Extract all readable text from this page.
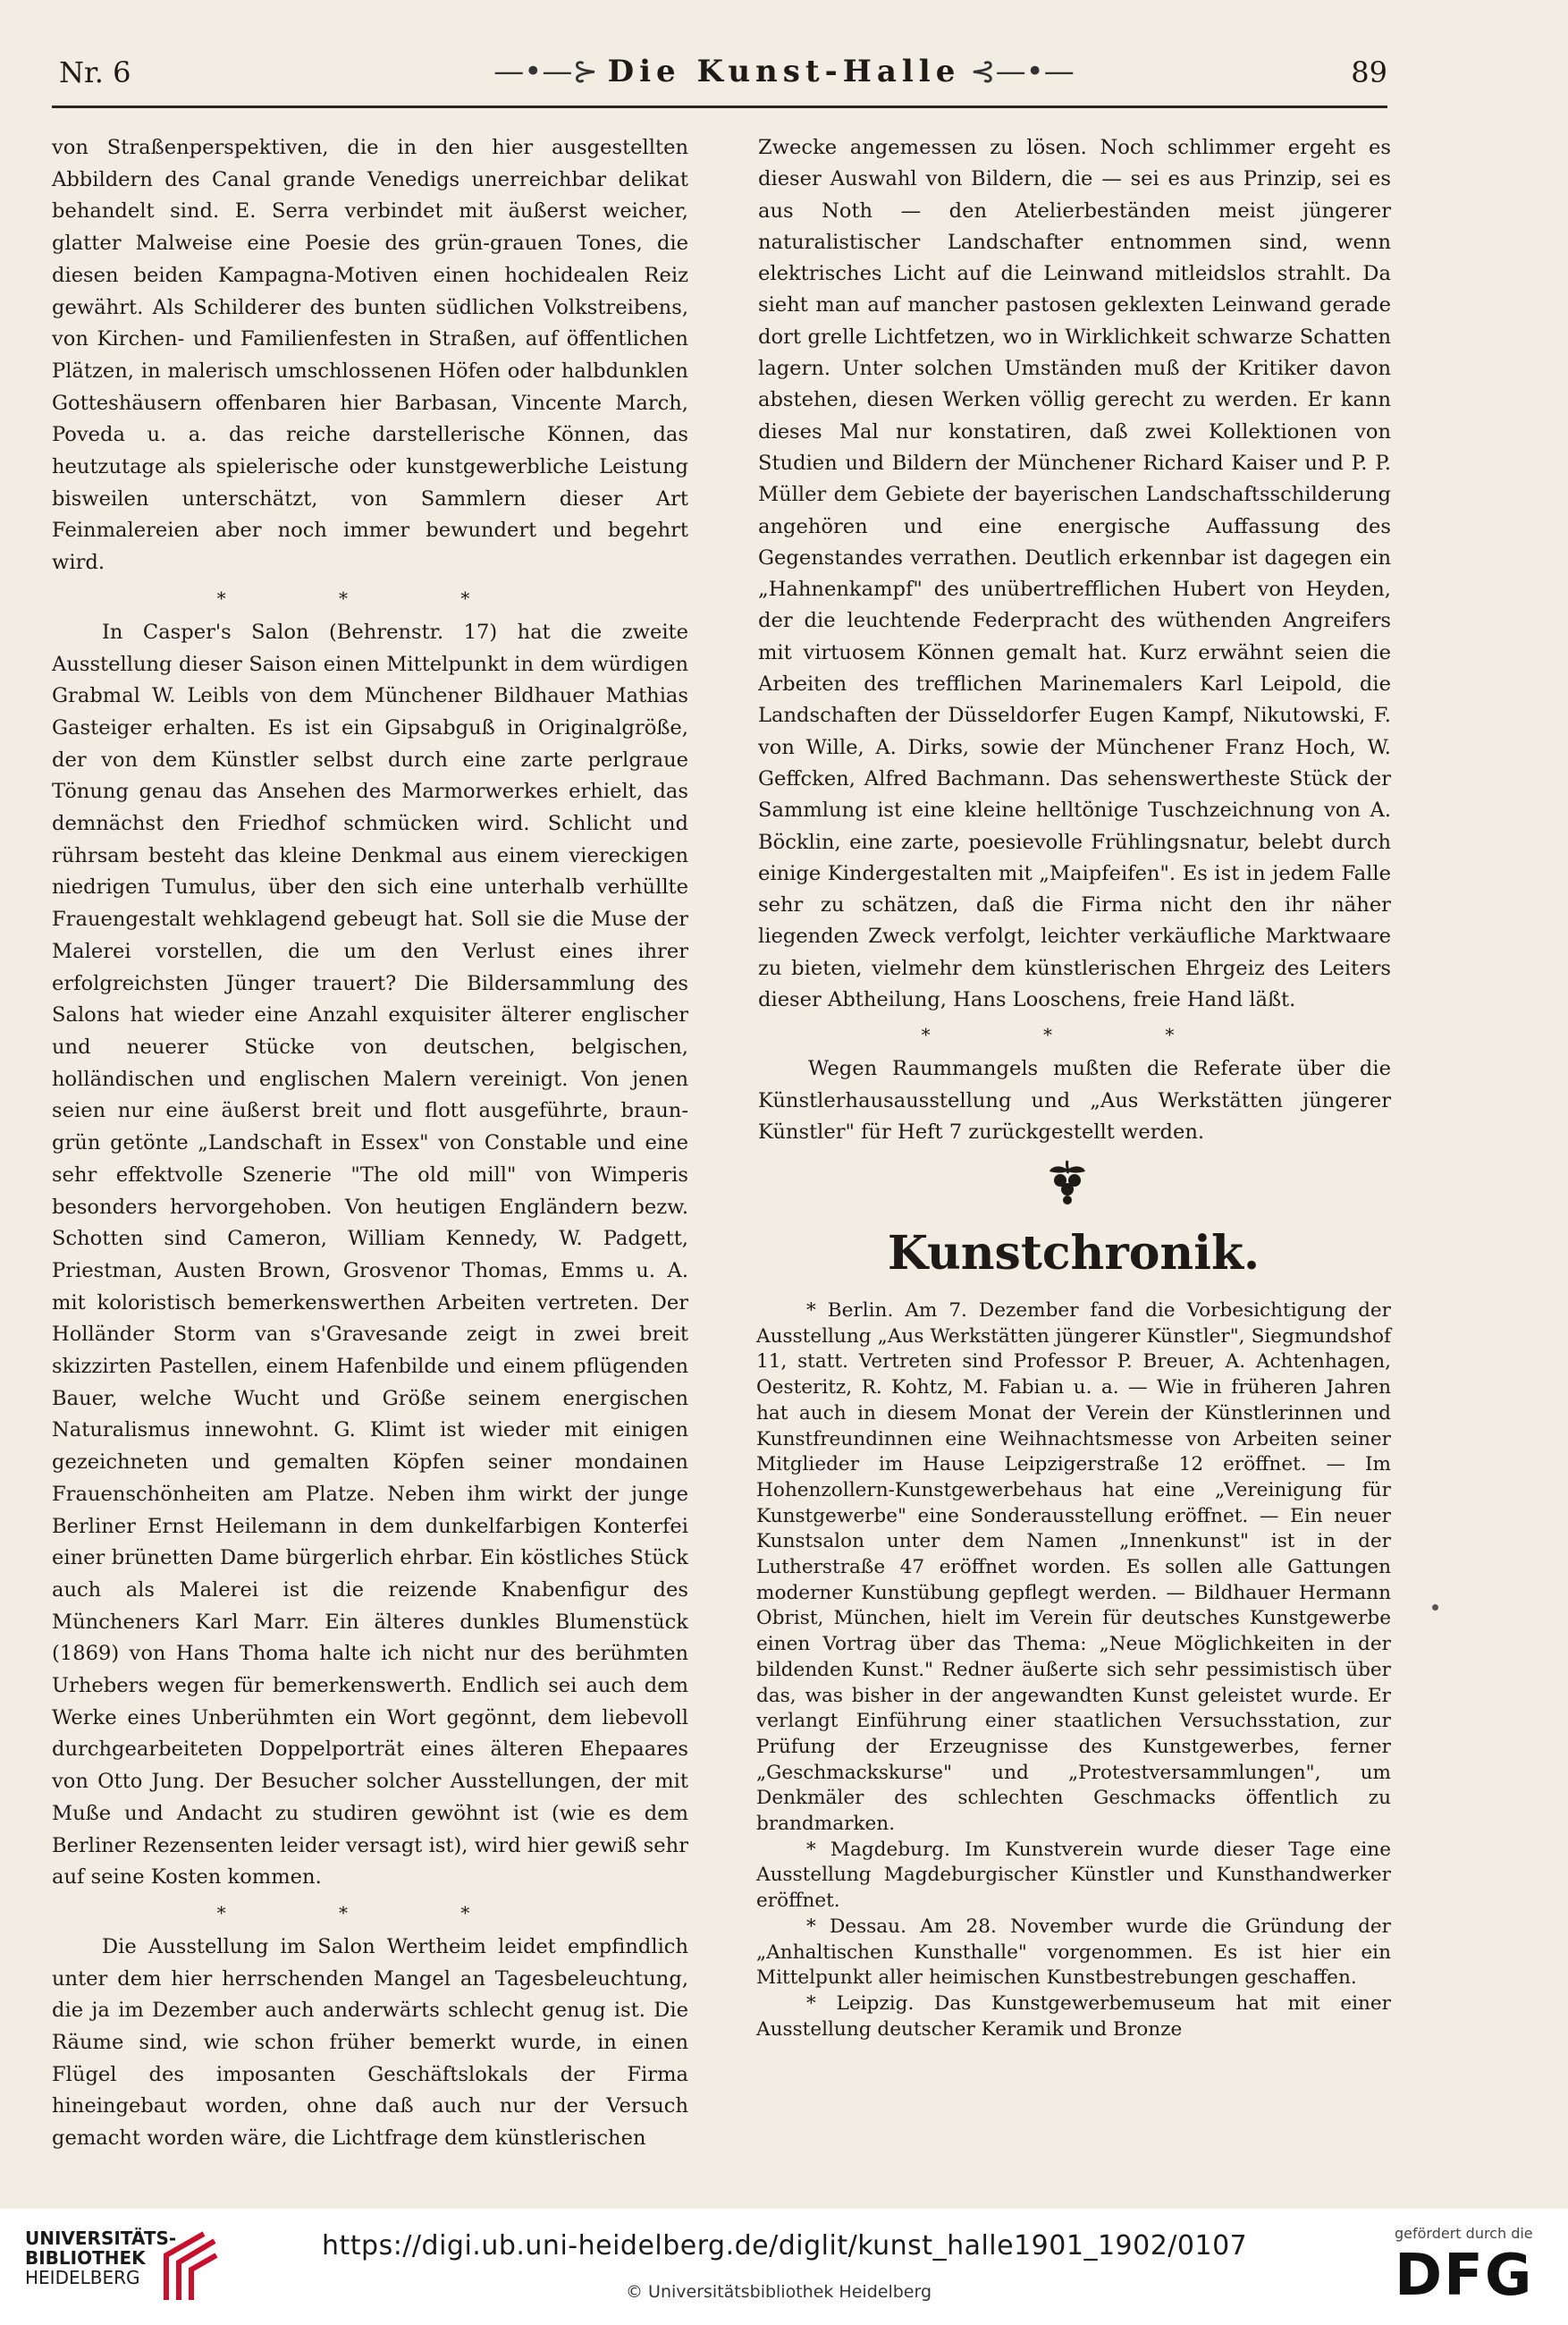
Nr. 6	—•—⊱ Die Kunst-Halle ⊰—•—	89

von Straßenperspektiven, die in den hier ausgestellten Abbildern des Canal grande Venedigs unerreichbar delikat behandelt sind. E. Serra verbindet mit äußerst weicher, glatter Malweise eine Poesie des grün-grauen Tones, die diesen beiden Kampagna-Motiven einen hochidealen Reiz gewährt. Als Schilderer des bunten südlichen Volkstreibens, von Kirchen- und Familienfesten in Straßen, auf öffentlichen Plätzen, in malerisch umschlossenen Höfen oder halbdunklen Gotteshäusern offenbaren hier Barbasan, Vincente March, Poveda u. a. das reiche darstellerische Können, das heutzutage als spielerische oder kunstgewerbliche Leistung bisweilen unterschätzt, von Sammlern dieser Art Feinmalereien aber noch immer bewundert und begehrt wird.

* * *

In Casper's Salon (Behrenstr. 17) hat die zweite Ausstellung dieser Saison einen Mittelpunkt in dem würdigen Grabmal W. Leibls von dem Münchener Bildhauer Mathias Gasteiger erhalten. Es ist ein Gipsabguß in Originalgröße, der von dem Künstler selbst durch eine zarte perlgraue Tönung genau das Ansehen des Marmorwerkes erhielt, das demnächst den Friedhof schmücken wird. Schlicht und rührsam besteht das kleine Denkmal aus einem viereckigen niedrigen Tumulus, über den sich eine unterhalb verhüllte Frauengestalt wehklagend gebeugt hat. Soll sie die Muse der Malerei vorstellen, die um den Verlust eines ihrer erfolgreichsten Jünger trauert? Die Bildersammlung des Salons hat wieder eine Anzahl exquisiter älterer englischer und neuerer Stücke von deutschen, belgischen, holländischen und englischen Malern vereinigt. Von jenen seien nur eine äußerst breit und flott ausgeführte, braun-grün getönte „Landschaft in Essex" von Constable und eine sehr effektvolle Szenerie "The old mill" von Wimperis besonders hervorgehoben. Von heutigen Engländern bezw. Schotten sind Cameron, William Kennedy, W. Padgett, Priestman, Austen Brown, Grosvenor Thomas, Emms u. A. mit koloristisch bemerkenswerthen Arbeiten vertreten. Der Holländer Storm van s'Gravesande zeigt in zwei breit skizzirten Pastellen, einem Hafenbilde und einem pflügenden Bauer, welche Wucht und Größe seinem energischen Naturalismus innewohnt. G. Klimt ist wieder mit einigen gezeichneten und gemalten Köpfen seiner mondainen Frauenschönheiten am Platze. Neben ihm wirkt der junge Berliner Ernst Heilemann in dem dunkelfarbigen Konterfei einer brünetten Dame bürgerlich ehrbar. Ein köstliches Stück auch als Malerei ist die reizende Knabenfigur des Müncheners Karl Marr. Ein älteres dunkles Blumenstück (1869) von Hans Thoma halte ich nicht nur des berühmten Urhebers wegen für bemerkenswerth. Endlich sei auch dem Werke eines Unberühmten ein Wort gegönnt, dem liebevoll durchgearbeiteten Doppelporträt eines älteren Ehepaares von Otto Jung. Der Besucher solcher Ausstellungen, der mit Muße und Andacht zu studiren gewöhnt ist (wie es dem Berliner Rezensenten leider versagt ist), wird hier gewiß sehr auf seine Kosten kommen.

* * *

Die Ausstellung im Salon Wertheim leidet empfindlich unter dem hier herrschenden Mangel an Tagesbeleuchtung, die ja im Dezember auch anderwärts schlecht genug ist. Die Räume sind, wie schon früher bemerkt wurde, in einen Flügel des imposanten Geschäftslokals der Firma hineingebaut worden, ohne daß auch nur der Versuch gemacht worden wäre, die Lichtfrage dem künstlerischen

Zwecke angemessen zu lösen. Noch schlimmer ergeht es dieser Auswahl von Bildern, die — sei es aus Prinzip, sei es aus Noth — den Atelierbeständen meist jüngerer naturalistischer Landschafter entnommen sind, wenn elektrisches Licht auf die Leinwand mitleidslos strahlt. Da sieht man auf mancher pastosen geklexten Leinwand gerade dort grelle Lichtfetzen, wo in Wirklichkeit schwarze Schatten lagern. Unter solchen Umständen muß der Kritiker davon abstehen, diesen Werken völlig gerecht zu werden. Er kann dieses Mal nur konstatiren, daß zwei Kollektionen von Studien und Bildern der Münchener Richard Kaiser und P. P. Müller dem Gebiete der bayerischen Landschaftsschilderung angehören und eine energische Auffassung des Gegenstandes verrathen. Deutlich erkennbar ist dagegen ein „Hahnenkampf" des unübertrefflichen Hubert von Heyden, der die leuchtende Federpracht des wüthenden Angreifers mit virtuosem Können gemalt hat. Kurz erwähnt seien die Arbeiten des trefflichen Marinemalers Karl Leipold, die Landschaften der Düsseldorfer Eugen Kampf, Nikutowski, F. von Wille, A. Dirks, sowie der Münchener Franz Hoch, W. Geffcken, Alfred Bachmann. Das sehenswertheste Stück der Sammlung ist eine kleine helltönige Tuschzeichnung von A. Böcklin, eine zarte, poesievolle Frühlingsnatur, belebt durch einige Kindergestalten mit „Maipfeifen". Es ist in jedem Falle sehr zu schätzen, daß die Firma nicht den ihr näher liegenden Zweck verfolgt, leichter verkäufliche Marktwaare zu bieten, vielmehr dem künstlerischen Ehrgeiz des Leiters dieser Abtheilung, Hans Looschens, freie Hand läßt.

* * *

Wegen Raummangels mußten die Referate über die Künstlerhausausstellung und „Aus Werkstätten jüngerer Künstler" für Heft 7 zurückgestellt werden.

Kunstchronik.

* Berlin. Am 7. Dezember fand die Vorbesichtigung der Ausstellung „Aus Werkstätten jüngerer Künstler", Siegmundshof 11, statt. Vertreten sind Professor P. Breuer, A. Achtenhagen, Oesteritz, R. Kohtz, M. Fabian u. a. — Wie in früheren Jahren hat auch in diesem Monat der Verein der Künstlerinnen und Kunstfreundinnen eine Weihnachtsmesse von Arbeiten seiner Mitglieder im Hause Leipzigerstraße 12 eröffnet. — Im Hohenzollern-Kunstgewerbehaus hat eine „Vereinigung für Kunstgewerbe" eine Sonderausstellung eröffnet. — Ein neuer Kunstsalon unter dem Namen „Innenkunst" ist in der Lutherstraße 47 eröffnet worden. Es sollen alle Gattungen moderner Kunstübung gepflegt werden. — Bildhauer Hermann Obrist, München, hielt im Verein für deutsches Kunstgewerbe einen Vortrag über das Thema: „Neue Möglichkeiten in der bildenden Kunst." Redner äußerte sich sehr pessimistisch über das, was bisher in der angewandten Kunst geleistet wurde. Er verlangt Einführung einer staatlichen Versuchsstation, zur Prüfung der Erzeugnisse des Kunstgewerbes, ferner „Geschmackskurse" und „Protestversammlungen", um Denkmäler des schlechten Geschmacks öffentlich zu brandmarken.

* Magdeburg. Im Kunstverein wurde dieser Tage eine Ausstellung Magdeburgischer Künstler und Kunsthandwerker eröffnet.

* Dessau. Am 28. November wurde die Gründung der „Anhaltischen Kunsthalle" vorgenommen. Es ist hier ein Mittelpunkt aller heimischen Kunstbestrebungen geschaffen.

* Leipzig. Das Kunstgewerbemuseum hat mit einer Ausstellung deutscher Keramik und Bronze

UNIVERSITÄTS-
BIBLIOTHEK
HEIDELBERG
https://digi.ub.uni-heidelberg.de/diglit/kunst_halle1901_1902/0107
© Universitätsbibliothek Heidelberg
gefördert durch die
DFG
